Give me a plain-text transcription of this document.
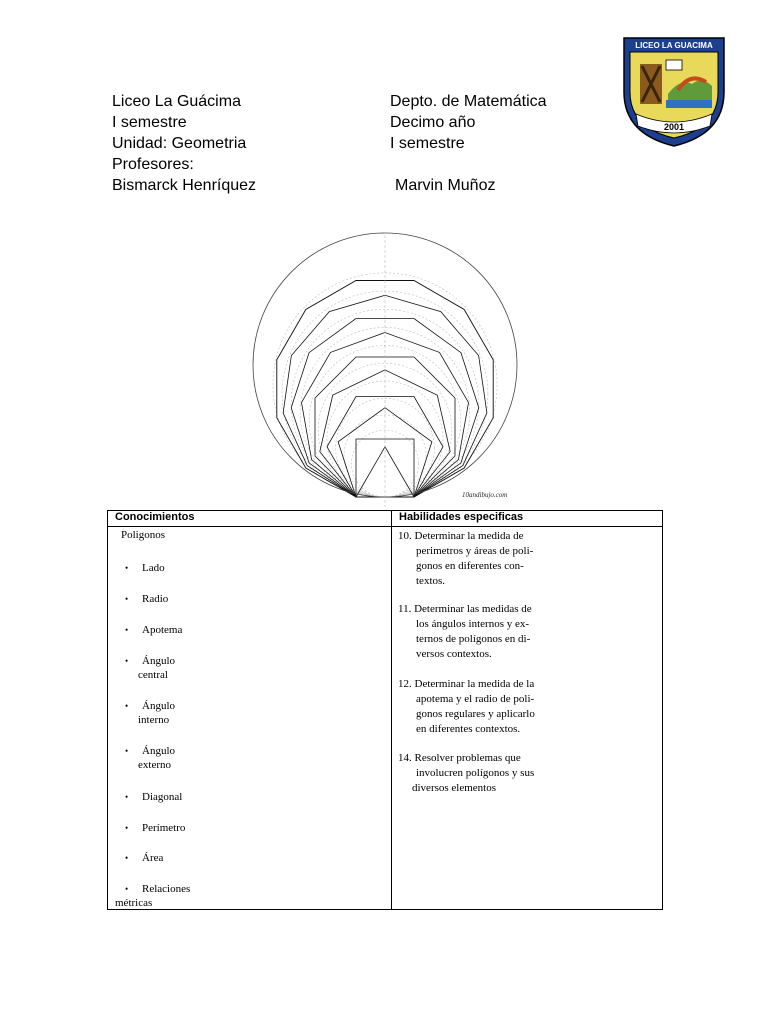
LICEO LA GUACIMA
2001
Liceo La Guácima
I semestre
Unidad: Geometria
Profesores:
Depto. de Matemática
Decimo año
I semestre
Bismarck Henríquez	Marvin Muñoz
10andibujo.com
Conocimientos	Habilidades especificas

Poligonos	

• Lado
• Radio
• Apotema
• Ángulo
central
• Ángulo
interno
• Ángulo
externo
• Diagonal
• Perímetro
• Área
• Relaciones
métricas
10. Determinar la medida de
perimetros y áreas de poli-
gonos en diferentes con-
textos.
11. Determinar las medidas de
los ángulos internos y ex-
ternos de polígonos en di-
versos contextos.
12. Determinar la medida de la
apotema y el radio de poli-
gonos regulares y aplicarlo
en diferentes contextos.
14. Resolver problemas que
involucren polígonos y sus
diversos elementos
